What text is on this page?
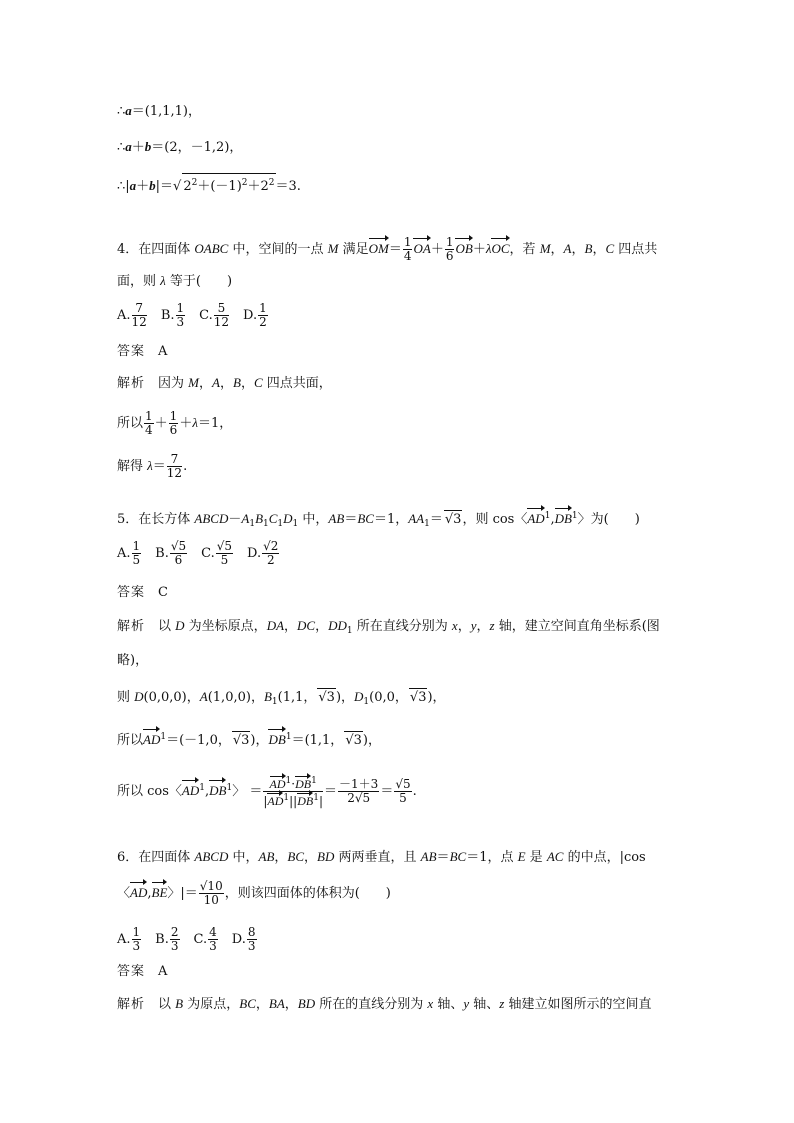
∴a＝(1,1,1)，
∴a＋b＝(2，－1,2)，
∴|a＋b|＝√ $2^2+(-1)^2+2^2=3$.
4．在四面体 OABC 中，空间的一点 M 满足$OM= \frac{1}{4} OA+ \frac{1}{6} OB+\lambda OC$，若 M，A，B，C 四点共
面，则 λ 等于(　　)
A. $\frac{7}{12}$ 　B. $\frac{1}{3}$ 　C. $\frac{5}{12}$ 　D. $\frac{1}{2}$
答案　 A
解析　因为 M，A，B，C 四点共面，
所以 $\frac{1}{4} + \frac{1}{6} +\lambda=1$，
解得 $\lambda= \frac{7}{12}$ .
5．在长方体 $ABCD-A_1B_1C_1D_1$ 中，AB＝BC＝1，$AA_1= √3$，则 cos〈$AD^1,DB^1$〉为(　　)
A. $\frac{1}{5}$ 　B. $\frac{√5}{6}$ 　C. $\frac{√5}{5}$ 　D. $\frac{√2}{2}$
答案　 C
解析　以 D 为坐标原点，DA，DC，$DD_1$ 所在直线分别为 x，y，z 轴，建立空间直角坐标系(图
略)，
则 D(0,0,0)，A(1,0,0)，$B_1(1,1$， √3)，$D_1(0,0$， √3)，
所以$AD^1=(-1,0$， √3)，$DB^1=(1,1$， √3)，
所以 cos〈$AD^1,DB^1$〉 ＝ $\frac{AD^1\cdot DB^1}{|AD^1||DB^1|} = \frac{-1+3}{2√5} = \frac{√5}{5}$ .
6．在四面体 ABCD 中，AB，BC，BD 两两垂直，且 AB＝BC＝1，点 E 是 AC 的中点，|cos
〈AD,BE〉|＝ $\frac{√10}{10}$ ，则该四面体的体积为(　　)
A. $\frac{1}{3}$ 　B. $\frac{2}{3}$ 　C. $\frac{4}{3}$ 　D. $\frac{8}{3}$
答案　 A
解析　以 B 为原点，BC，BA，BD 所在的直线分别为 x 轴、y 轴、z 轴建立如图所示的空间直
